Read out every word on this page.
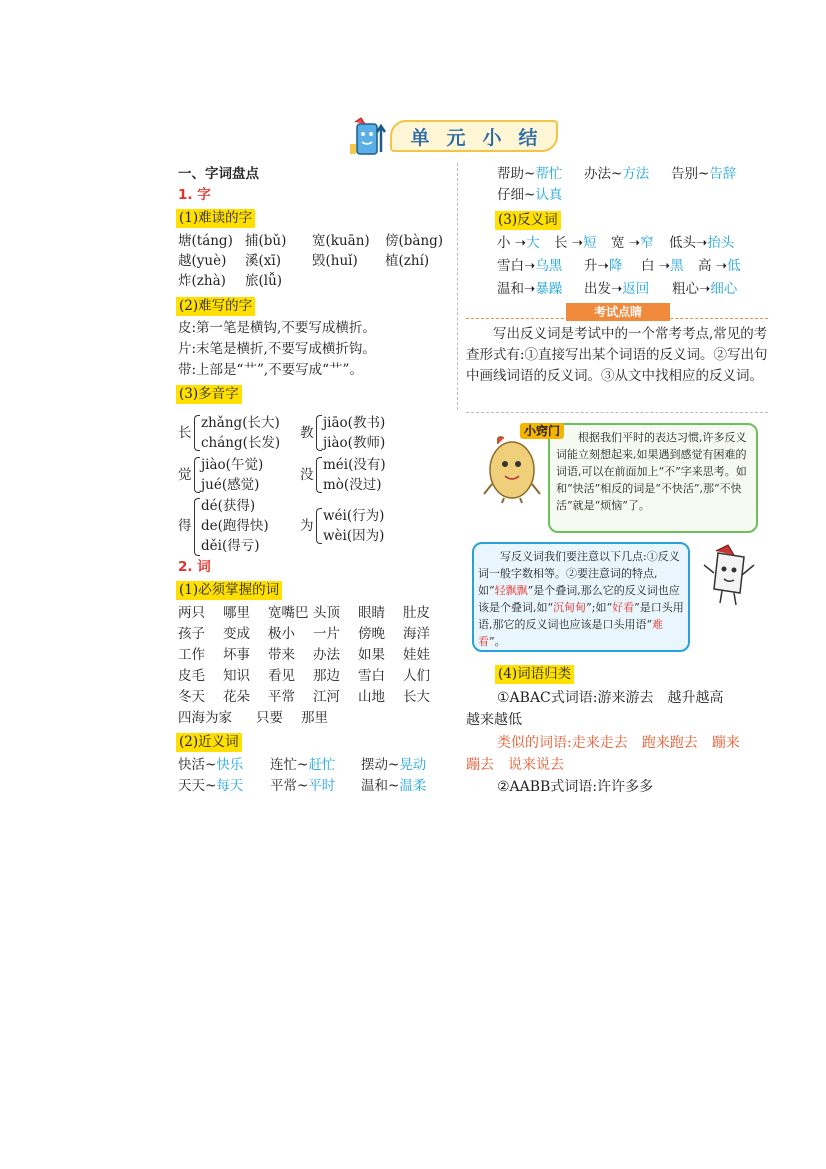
单 元 小 结
一、字词盘点
1. 字
(1)难读的字
塘(táng) 捕(bǔ) 宽(kuān) 傍(bàng)
越(yuè) 溪(xī) 毁(huǐ) 植(zhí)
炸(zhà) 旅(lǚ)
(2)难写的字
皮:第一笔是横钩,不要写成横折。
片:末笔是横折,不要写成横折钩。
带:上部是“⺾”,不要写成“艹”。
(3)多音字
长
zhǎng(长大)
cháng(长发)
教
jiāo(教书)
jiào(教师)
觉
jiào(午觉)
jué(感觉)
没
méi(没有)
mò(没过)
得
dé(获得)
de(跑得快)
děi(得亏)
为
wéi(行为)
wèi(因为)
2. 词
(1)必须掌握的词
两只 哪里 宽嘴巴 头顶 眼睛 肚皮
孩子 变成 极小 一片 傍晚 海洋
工作 坏事 带来 办法 如果 娃娃
皮毛 知识 看见 那边 雪白 人们
冬天 花朵 平常 江河 山地 长大
四海为家 只要 那里
(2)近义词
快活~快乐 连忙~赶忙 摆动~晃动
天天~每天 平常~平时 温和~温柔
帮助~帮忙 办法~方法 告别~告辞
仔细~认真
(3)反义词
小 ➝大 长 ➝短 宽 ➝窄 低头➝抬头
雪白➝乌黑 升➝降 白 ➝黑 高 ➝低
温和➝暴躁 出发➝返回 粗心➝细心
考试点睛
写出反义词是考试中的一个常考考点,常见的考查形式有:①直接写出某个词语的反义词。②写出句中画线词语的反义词。③从文中找相应的反义词。
小窍门	根据我们平时的表达习惯,许多反义词能立刻想起来,如果遇到感觉有困难的词语,可以在前面加上“不”字来思考。如和“快活”相反的词是“不快活”,那“不快活”就是“烦恼”了。
写反义词我们要注意以下几点:①反义词一般字数相等。②要注意词的特点,如“轻飘飘”是个叠词,那么它的反义词也应该是个叠词,如“沉甸甸”;如“好看”是口头用语,那它的反义词也应该是口头用语“难看”。
(4)词语归类
①ABAC式词语:游来游去　越升越高
越来越低
类似的词语:走来走去　跑来跑去　蹦来
蹦去　说来说去
②AABB式词语:许许多多
